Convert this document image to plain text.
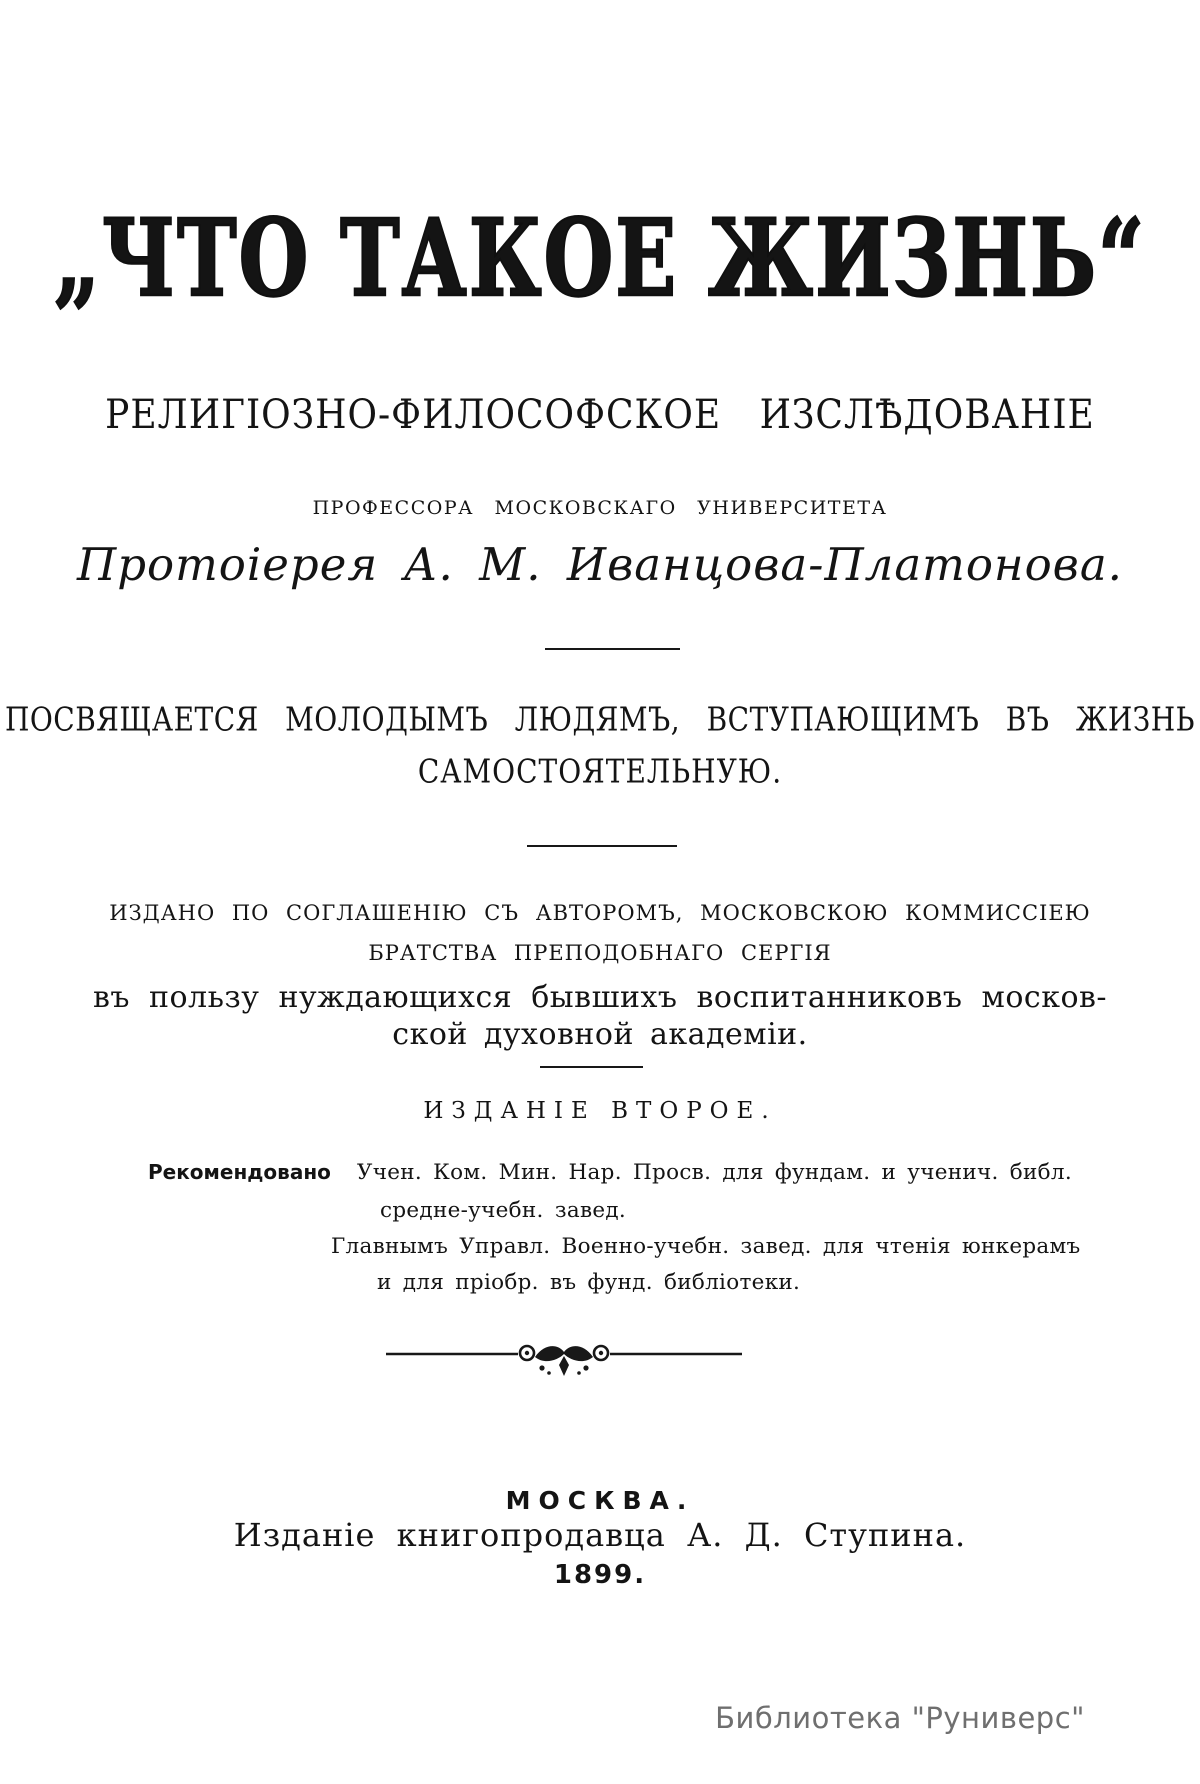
„ЧТО ТАКОЕ ЖИЗНЬ“
РЕЛИГІОЗНО-ФИЛОСОФСКОЕ ИЗСЛѢДОВАНІЕ
ПРОФЕССОРА МОСКОВСКАГО УНИВЕРСИТЕТА
Протоіерея А. М. Иванцова-Платонова.
ПОСВЯЩАЕТСЯ МОЛОДЫМЪ ЛЮДЯМЪ, ВСТУПАЮЩИМЪ ВЪ ЖИЗНЬ
САМОСТОЯТЕЛЬНУЮ.
ИЗДАНО ПО СОГЛАШЕНІЮ СЪ АВТОРОМЪ, МОСКОВСКОЮ КОММИССІЕЮ
БРАТСТВА ПРЕПОДОБНАГО СЕРГІЯ
въ пользу нуждающихся бывшихъ воспитанниковъ москов-
ской духовной академіи.
ИЗДАНІЕ ВТОРОЕ.
Рекомендовано Учен. Ком. Мин. Нар. Просв. для фундам. и ученич. библ.
средне-учебн. завед.
Главнымъ Управл. Военно-учебн. завед. для чтенія юнкерамъ
и для пріобр. въ фунд. библіотеки.
МОСКВА.
Изданіе книгопродавца А. Д. Ступина.
1899.
Библиотека "Руниверс"
